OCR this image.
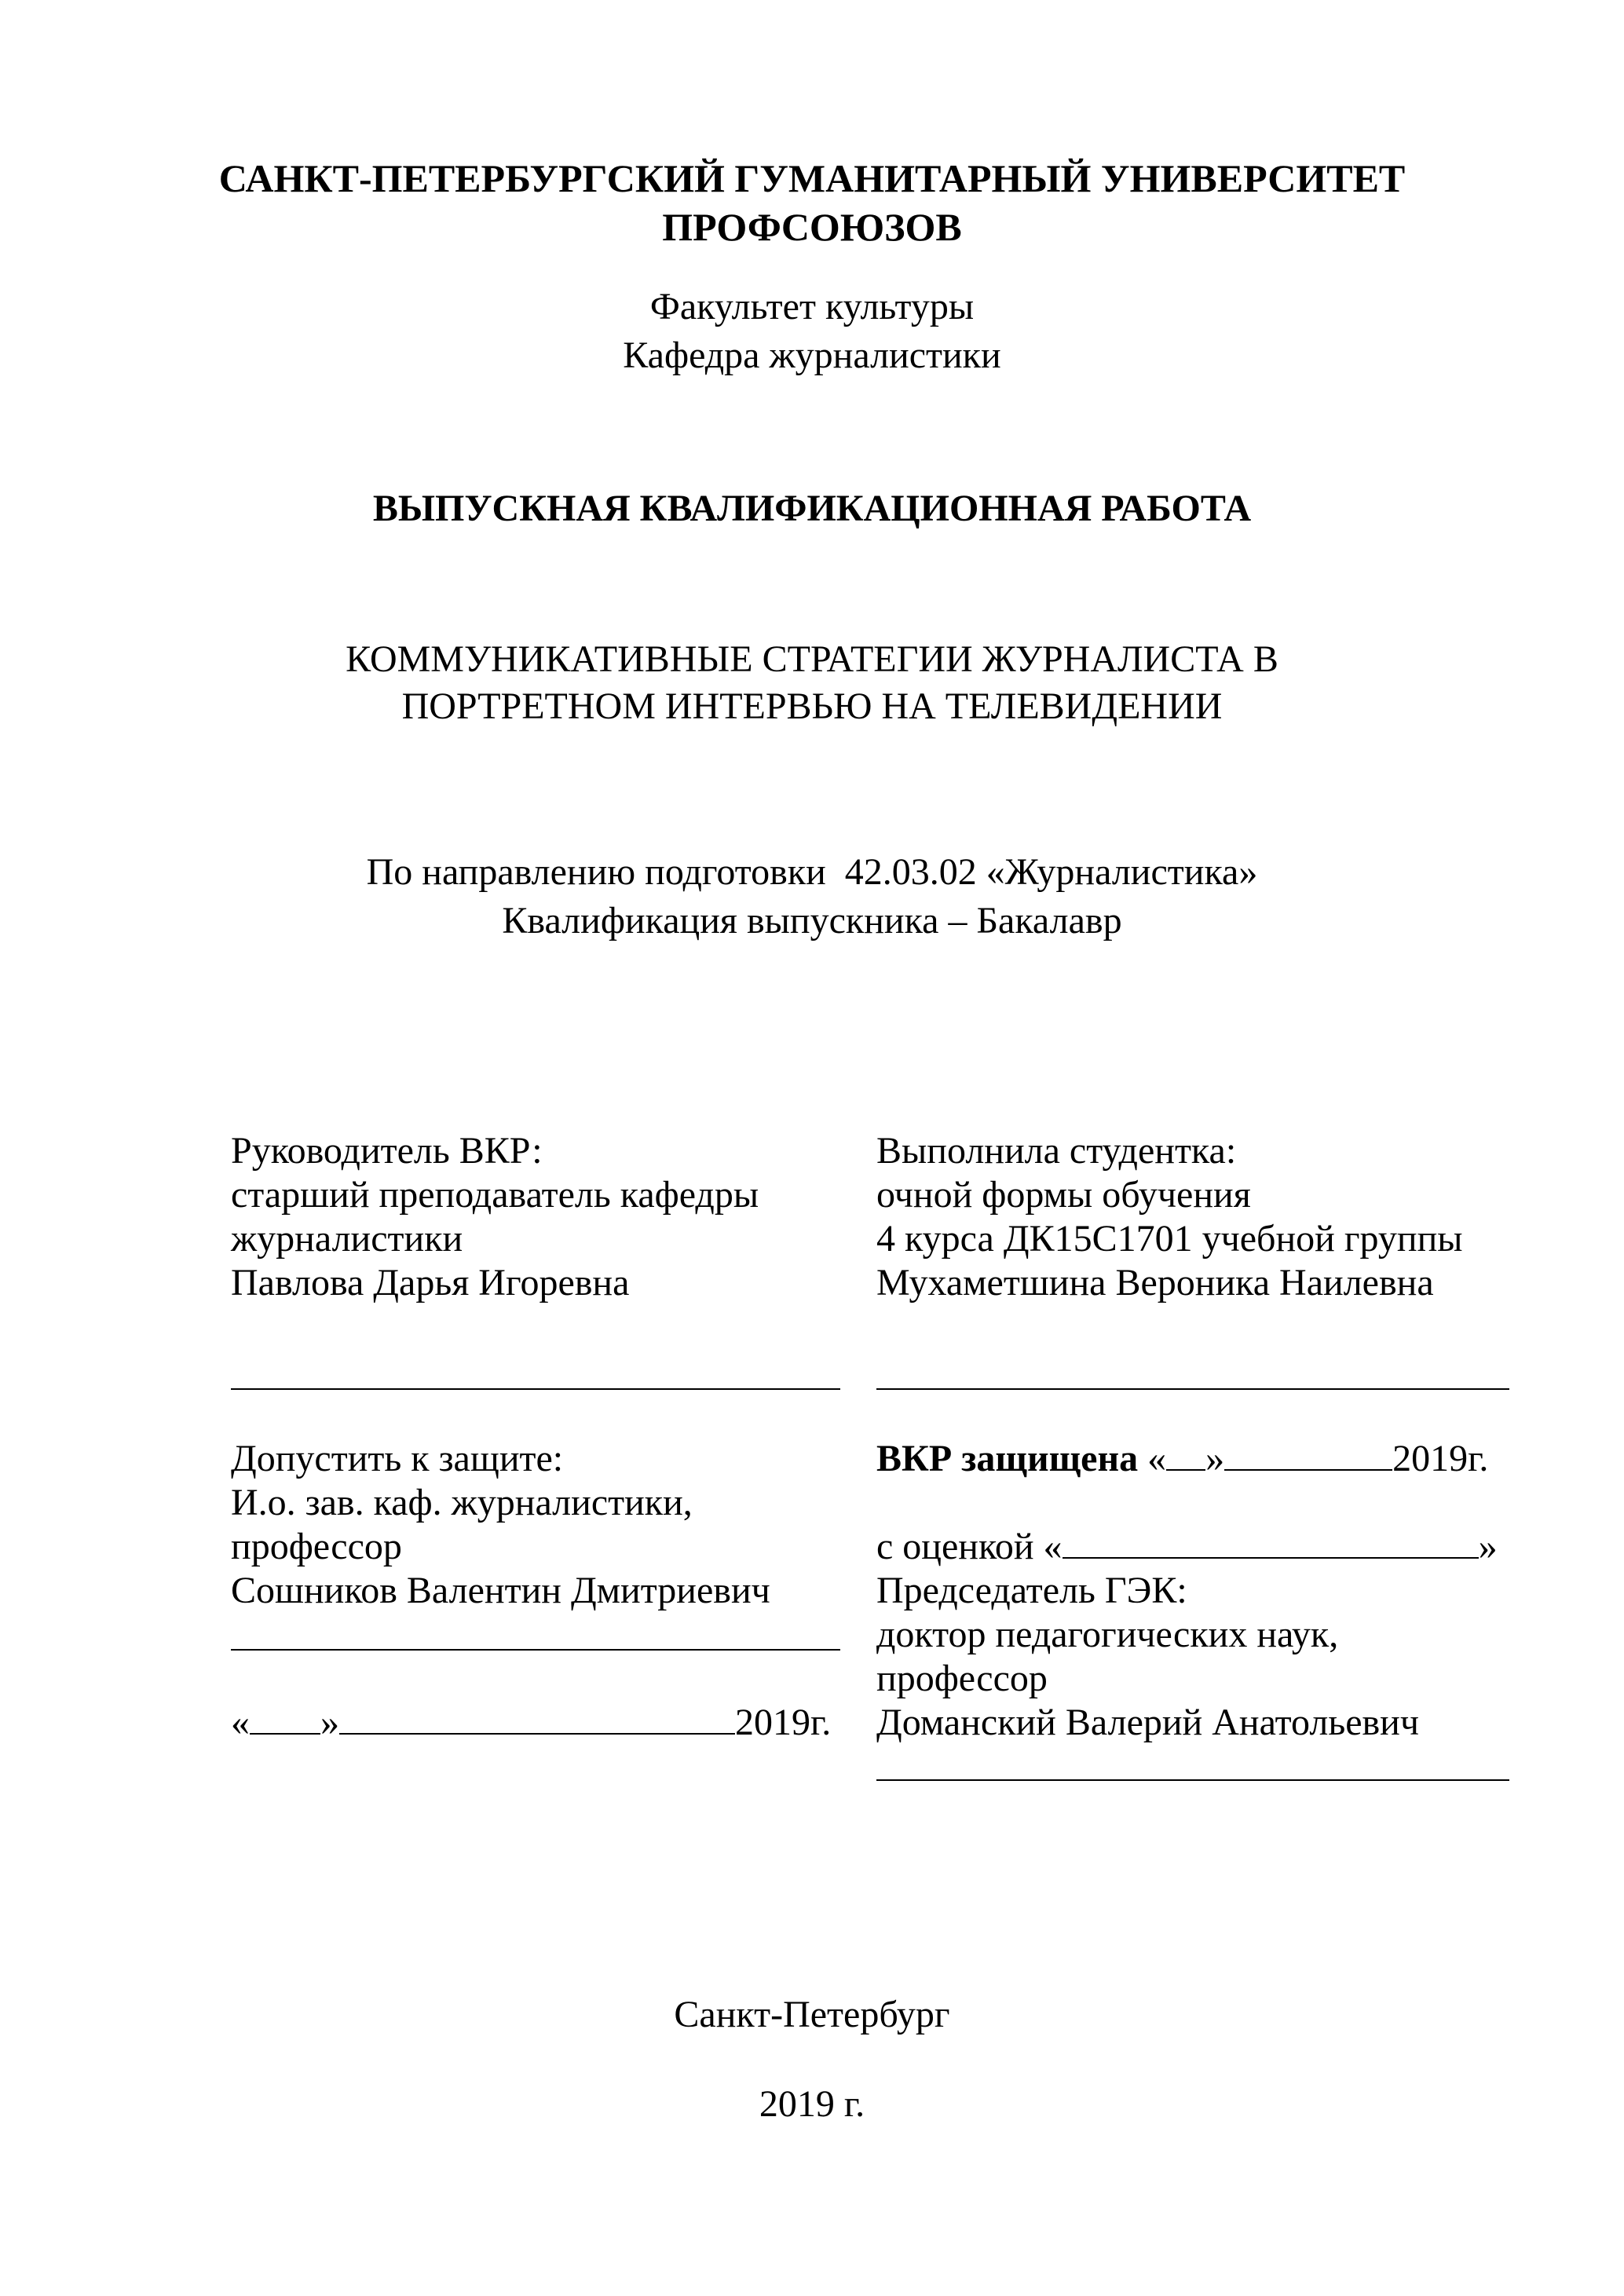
САНКТ-ПЕТЕРБУРГСКИЙ ГУМАНИТАРНЫЙ УНИВЕРСИТЕТ
ПРОФСОЮЗОВ
Факультет культуры
Кафедра журналистики
ВЫПУСКНАЯ КВАЛИФИКАЦИОННАЯ РАБОТА
КОММУНИКАТИВНЫЕ СТРАТЕГИИ ЖУРНАЛИСТА В
ПОРТРЕТНОМ ИНТЕРВЬЮ НА ТЕЛЕВИДЕНИИ
По направлению подготовки  42.03.02 «Журналистика»
Квалификация выпускника – Бакалавр
Руководитель ВКР:
старший преподаватель кафедры
журналистики
Павлова Дарья Игоревна
Выполнила студентка:
очной формы обучения
4 курса ДК15С1701 учебной группы
Мухаметшина Вероника Наилевна
Допустить к защите:
И.о. зав. каф. журналистики,
профессор
Сошников Валентин Дмитриевич
« »	2019г.
ВКР защищена « »	2019г.
с оценкой «	»
Председатель ГЭК:
доктор педагогических наук,
профессор
Доманский Валерий Анатольевич
Санкт-Петербург
2019 г.
